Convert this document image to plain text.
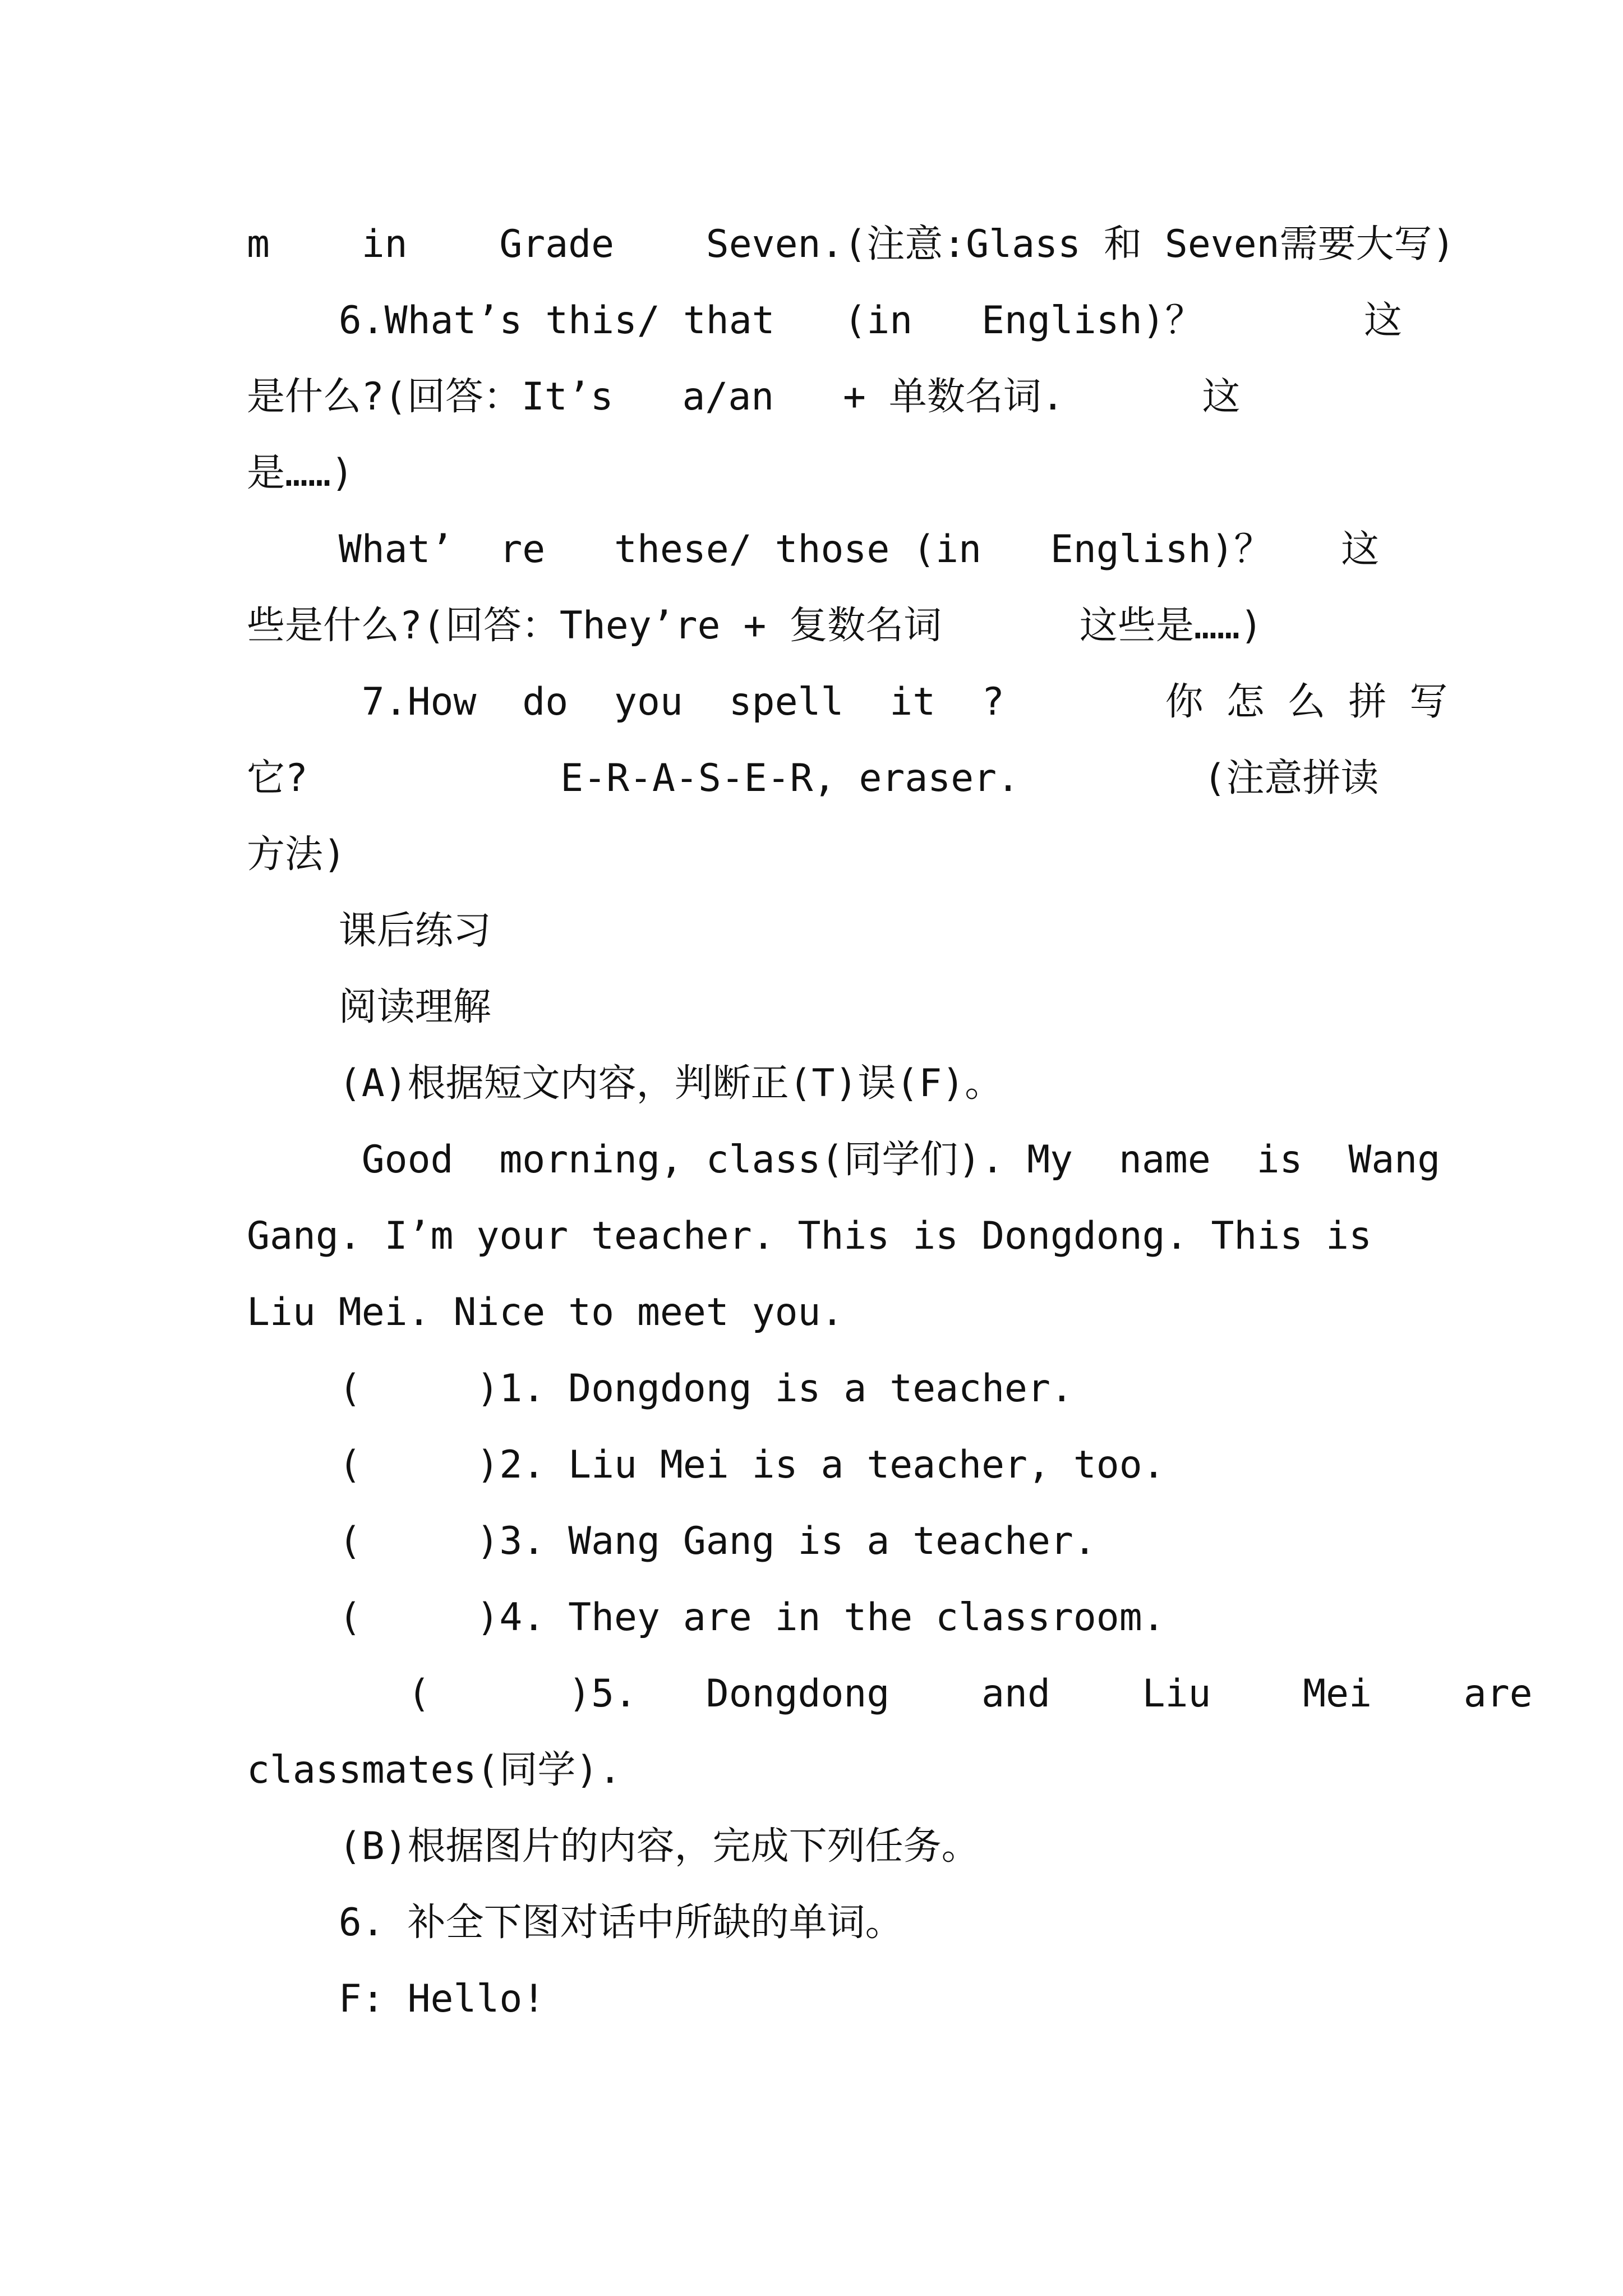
m    in    Grade    Seven.(注意:Glass 和 Seven需要大写)
6.What’s this/ that   (in   English)？       这
是什么?(回答：It’s   a/an   + 单数名词.      这
是……)
What’  re   these/ those (in   English)？   这
些是什么?(回答：They’re + 复数名词      这些是……)
7.How  do  you  spell  it  ?       你 怎 么 拼 写
它?           E-R-A-S-E-R, eraser.        (注意拼读
方法)
课后练习
阅读理解
(A)根据短文内容，判断正(T)误(F)。
Good  morning, class(同学们). My  name  is  Wang
Gang. I’m your teacher. This is Dongdong. This is
Liu Mei. Nice to meet you.
(     )1. Dongdong is a teacher.
(     )2. Liu Mei is a teacher, too.
(     )3. Wang Gang is a teacher.
(     )4. They are in the classroom.
(      )5.   Dongdong    and    Liu    Mei    are
classmates(同学).
(B)根据图片的内容，完成下列任务。
6. 补全下图对话中所缺的单词。
F: Hello!
